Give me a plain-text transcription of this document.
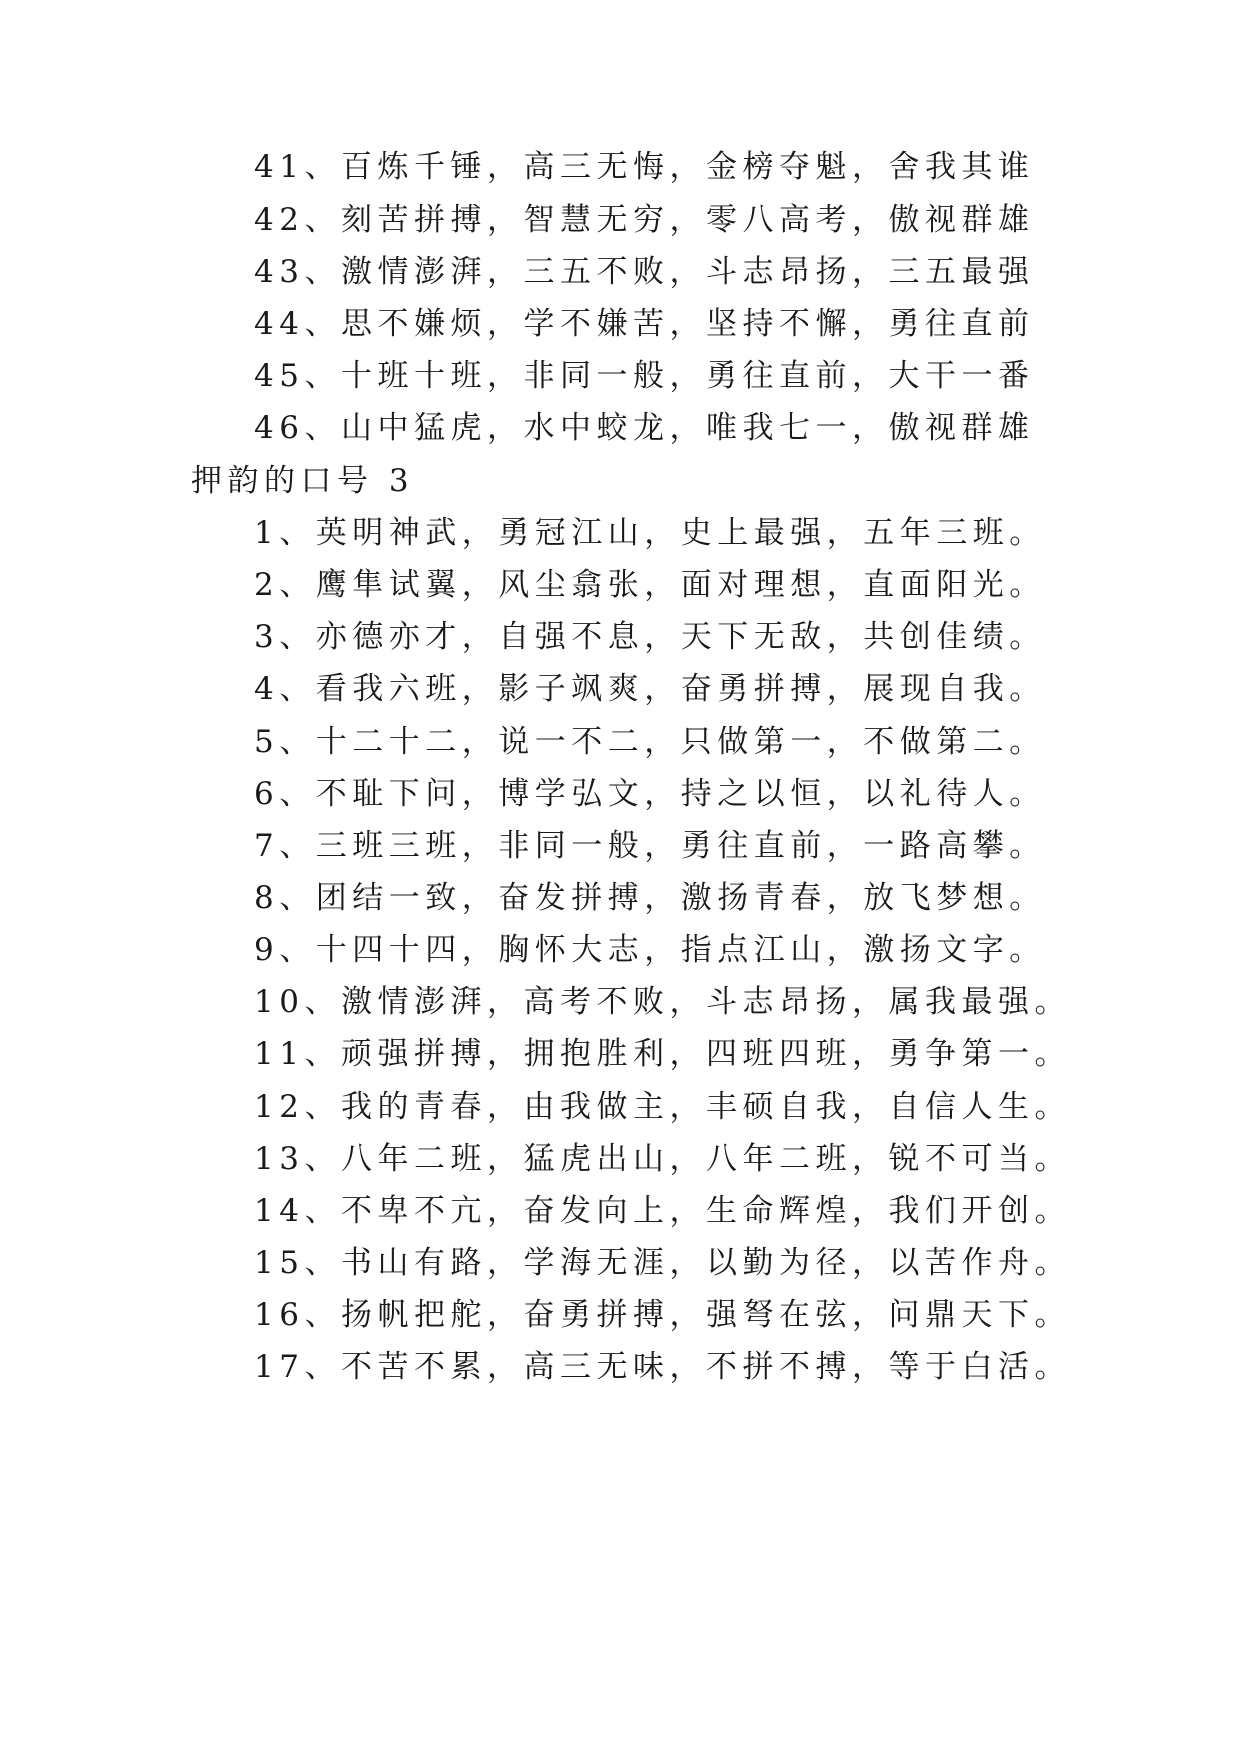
41、百炼千锤，高三无悔，金榜夺魁，舍我其谁
42、刻苦拼搏，智慧无穷，零八高考，傲视群雄
43、激情澎湃，三五不败，斗志昂扬，三五最强
44、思不嫌烦，学不嫌苦，坚持不懈，勇往直前
45、十班十班，非同一般，勇往直前，大干一番
46、山中猛虎，水中蛟龙，唯我七一，傲视群雄
押韵的口号 3
1、英明神武，勇冠江山，史上最强，五年三班。
2、鹰隼试翼，风尘翕张，面对理想，直面阳光。
3、亦德亦才，自强不息，天下无敌，共创佳绩。
4、看我六班，影子飒爽，奋勇拼搏，展现自我。
5、十二十二，说一不二，只做第一，不做第二。
6、不耻下问，博学弘文，持之以恒，以礼待人。
7、三班三班，非同一般，勇往直前，一路高攀。
8、团结一致，奋发拼搏，激扬青春，放飞梦想。
9、十四十四，胸怀大志，指点江山，激扬文字。
10、激情澎湃，高考不败，斗志昂扬，属我最强。
11、顽强拼搏，拥抱胜利，四班四班，勇争第一。
12、我的青春，由我做主，丰硕自我，自信人生。
13、八年二班，猛虎出山，八年二班，锐不可当。
14、不卑不亢，奋发向上，生命辉煌，我们开创。
15、书山有路，学海无涯，以勤为径，以苦作舟。
16、扬帆把舵，奋勇拼搏，强弩在弦，问鼎天下。
17、不苦不累，高三无味，不拼不搏，等于白活。
